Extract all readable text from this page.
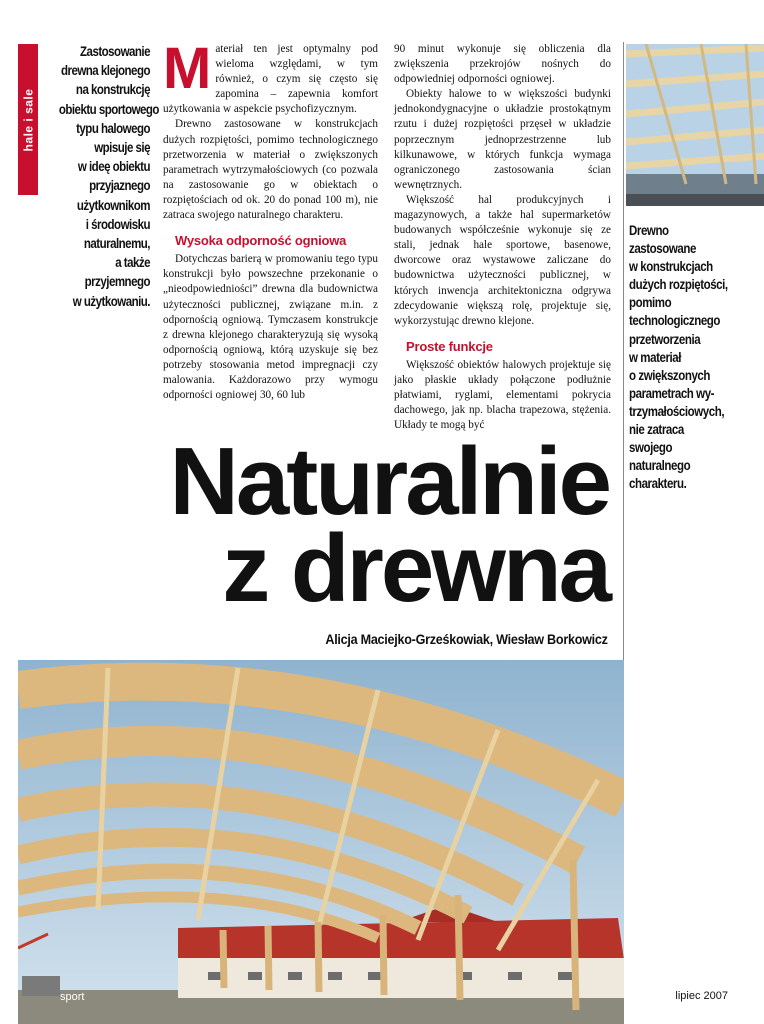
hale i sale
Zastosowanie
drewna klejonego
na konstrukcję
obiektu sportowego
typu halowego
wpisuje się
w ideę obiektu
przyjaznego
użytkownikom
i środowisku
naturalnemu,
a także
przyjemnego
w użytkowaniu.
M ateriał ten jest optymalny pod wieloma względami, w tym również, o czym się często się zapomina – zapewnia komfort użytkowania w aspekcie psychofizycznym.

Drewno zastosowane w konstrukcjach dużych rozpiętości, pomimo technologicznego przetworzenia w materiał o zwiększonych parametrach wytrzymałościowych (co pozwala na zastosowanie go w obiektach o rozpiętościach od ok. 20 do ponad 100 m), nie zatraca swojego naturalnego charakteru.

Wysoka odporność ogniowa

Dotychczas barierą w promowaniu tego typu konstrukcji było powszechne przekonanie o „nieodpowiedniości” drewna dla budownictwa użyteczności publicznej, związane m.in. z odpornością ogniową. Tymczasem konstrukcje z drewna klejonego charakteryzują się wysoką odpornością ogniową, którą uzyskuje się bez potrzeby stosowania metod impregnacji czy malowania. Każdorazowo przy wymogu odporności ogniowej 30, 60 lub

90 minut wykonuje się obliczenia dla zwiększenia przekrojów nośnych do odpowiedniej odporności ogniowej.

Obiekty halowe to w większości budynki jednokondygnacyjne o układzie prostokątnym rzutu i dużej rozpiętości przęseł w układzie poprzecznym jednoprzestrzenne lub kilkunawowe, w których funkcja wymaga ograniczonego zastosowania ścian wewnętrznych.

Większość hal produkcyjnych i magazynowych, a także hal supermarketów budowanych współcześnie wykonuje się ze stali, jednak hale sportowe, basenowe, dworcowe oraz wystawowe zaliczane do budownictwa użyteczności publicznej, w których inwencja architektoniczna odgrywa zdecydowanie większą rolę, projektuje się, wykorzystując drewno klejone.

Proste funkcje

Większość obiektów halowych projektuje się jako płaskie układy połączone podłużnie płatwiami, ryglami, elementami pokrycia dachowego, jak np. blacha trapezowa, stężenia. Układy te mogą być

Drewno
zastosowane
w konstrukcjach
dużych rozpiętości,
pomimo
technologicznego
przetworzenia
w materiał
o zwiększonych
parametrach wy-
trzymałościowych,
nie zatraca
swojego
naturalnego
charakteru.
Naturalnie
z drewna
Alicja Maciejko-Grześkowiak, Wiesław Borkowicz
sport	lipiec 2007
